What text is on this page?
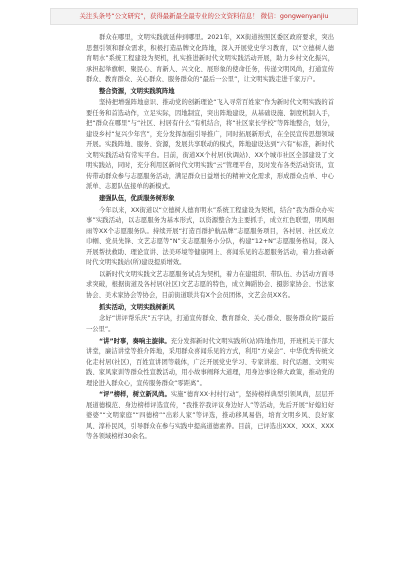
关注头条号“公文研究”，获得最新最全最专业的公文资料信息！ 微信：gongwenyanjiu

群众在哪里，文明实践就延伸到哪里。2021年，XX街道按照区委区政府要求，突出思想引领和群众需求，积极打造品牌文化阵地，深入开展党史学习教育，以“立德树人德育明水”系统工程建设为契机，扎实推进新时代文明实践活动开展，助力乡村文化振兴，承担起举旗帜、聚民心、育新人、兴文化、展形象的使命任务，传递文明风尚，打通宣传群众、教育群众、关心群众、服务群众的“最后一公里”，让文明实践走进千家万户。

整合资源，文明实践筑阵地

坚持把增强阵地意识、推动党的创新理论“飞入寻常百姓家”作为新时代文明实践的首要任务和首选动作，立足实际，因地制宜，突出阵地建设，从基础设施、制度机制入手，把“群众在哪里”与“社区、村居有什么”有机结合，将“社区家长学校”等阵地整合，划分，建设乡村“复兴少年宫”，充分发挥加强引导推广，同时拓展新形式，在全民宣传思想领域开展。实践阵地、服务、资源，发展共享联动的模式，阵地建设达到“六有”标准，新时代文明实践活动有常实平台。目前，街道XX个村居(伙调站)、XX个城市社区全部建设了文明实践站，同时，充分利用区新时代文明实践“云”管理平台，及时发布各类活动资讯，宣传带动群众参与志愿服务活动，满足群众日益增长的精神文化需求，形成群众点单、中心派单、志愿队伍接单的新模式。

建强队伍，优质服务树形象

今年以来，XX街道以“立德树人德育明水”系统工程建设为契机，结合“我为群众办实事”实践活动，以志愿服务为基本形式，以资源整合为主要抓手，成立红色联盟，明风细雨等XX个志愿服务队。持续开展“打造百群护航品牌”志愿服务项目，各村居、社区成立巾帼、党员先锋、文艺志愿等“N”支志愿服务小分队，构建“12+N”志愿服务格局，深入开展帮扶救助、理论宣讲、法美环境等健康网上、喜闻乐见的志愿服务活动，着力推动新时代文明实践站(所)建设提质增效。

以新时代文明实践文艺志愿服务试点为契机，着力在建组织、带队伍、办活动方面寻求突破，根据街道及各村居(社区)文艺志愿的特色，成立舞蹈协会、摄影家协会、书法家协会、美术家协会等协会，目前街道联共有X个会员团体，文艺会员XX名。

抓实活动，文明实践树新风

念好“讲评帮乐庆”五字诀，打通宣传群众、教育群众、关心群众、服务群众的“最后一公里”。

“讲”时事，奏响主旋律。充分发挥新时代文明实践所(站)阵地作用，开班机关干部大讲堂，廉洁讲堂等推介阵地，采用群众喜闻乐见的方式，利用“方桌会”、中华优秀传统文化走村居(社区)，百姓宣讲团等载体，广泛开展党史学习、专家讲座、时代话题、文明实践、家风家训等群众性宣教活动，用小故事阐释大道理，用身边事诠释大政策，推动党的理论进入群众心，宣传服务群众“零距离”。

“评”榜样，树立新风尚。实施“德育XX·村村行动”，坚持榜样典型引领风尚，层层开展道德模范、身边榜样评选宣传，“我推荐我评议身边好人”等活动，先后开展“好媳妇好婆婆”“文明家庭”“四德榜”“出彩人家”等评选，推动移风易俗，培育文明乡风、良好家风、淳朴民风，引导群众在参与实践中提高道德素养。目前，已评选出XXX、XXX、XXX等各领域榜样30余名。
